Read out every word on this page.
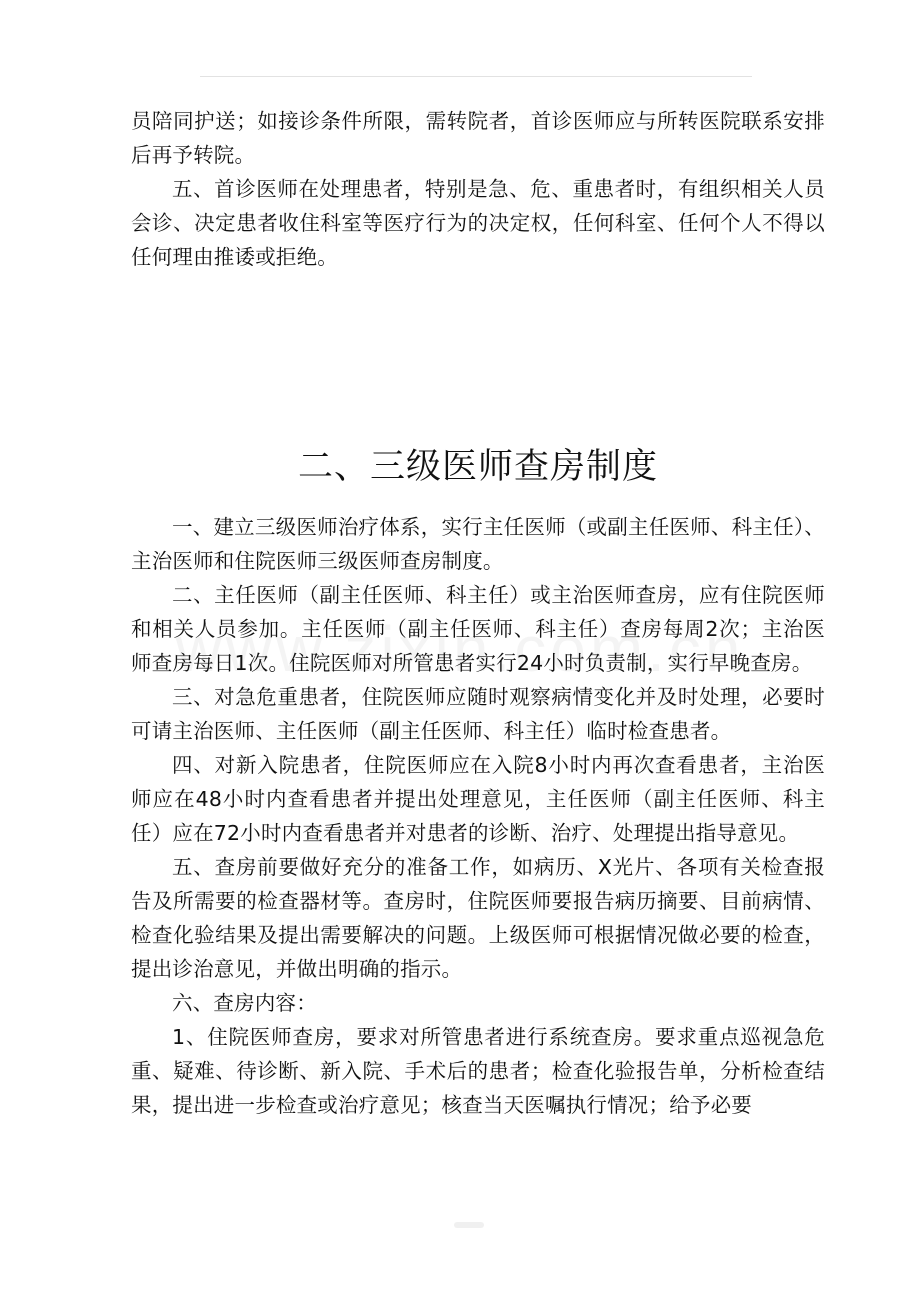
员陪同护送；如接诊条件所限，需转院者，首诊医师应与所转医院联系安排后再予转院。

五、首诊医师在处理患者，特别是急、危、重患者时，有组织相关人员会诊、决定患者收住科室等医疗行为的决定权，任何科室、任何个人不得以任何理由推诿或拒绝。

二、三级医师查房制度

一、建立三级医师治疗体系，实行主任医师（或副主任医师、科主任）、主治医师和住院医师三级医师查房制度。

二、主任医师（副主任医师、科主任）或主治医师查房，应有住院医师和相关人员参加。主任医师（副主任医师、科主任）查房每周2次；主治医师查房每日1次。住院医师对所管患者实行24小时负责制，实行早晚查房。

三、对急危重患者，住院医师应随时观察病情变化并及时处理，必要时可请主治医师、主任医师（副主任医师、科主任）临时检查患者。

四、对新入院患者，住院医师应在入院8小时内再次查看患者，主治医师应在48小时内查看患者并提出处理意见，主任医师（副主任医师、科主任）应在72小时内查看患者并对患者的诊断、治疗、处理提出指导意见。

五、查房前要做好充分的准备工作，如病历、X光片、各项有关检查报告及所需要的检查器材等。查房时，住院医师要报告病历摘要、目前病情、检查化验结果及提出需要解决的问题。上级医师可根据情况做必要的检查，提出诊治意见，并做出明确的指示。

六、查房内容：

1、住院医师查房，要求对所管患者进行系统查房。要求重点巡视急危重、疑难、待诊断、新入院、手术后的患者；检查化验报告单，分析检查结果，提出进一步检查或治疗意见；核查当天医嘱执行情况；给予必要
